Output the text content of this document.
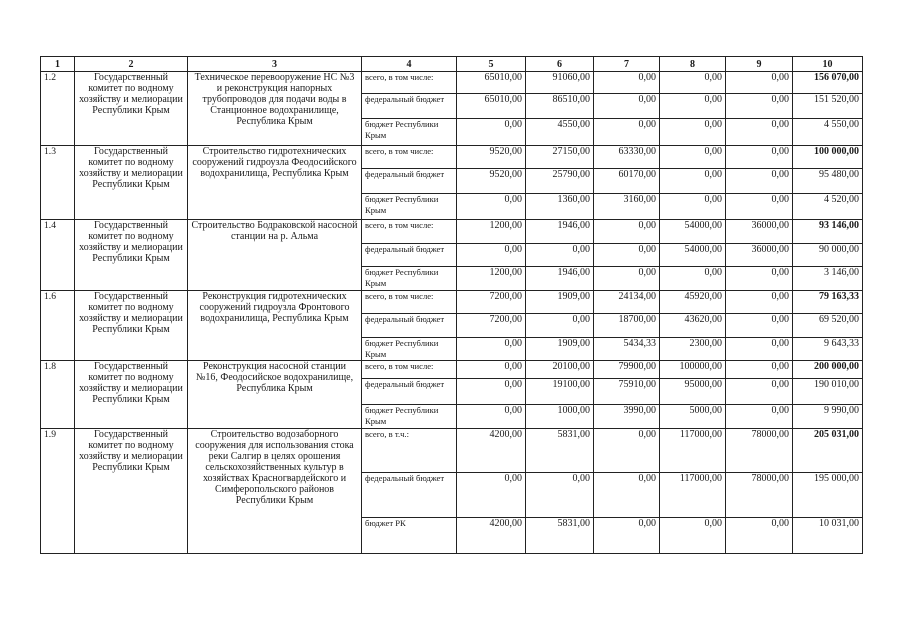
1	2	3	4	5	6	7	8	9	10
1.2	Государственный комитет по водному хозяйству и мелиорации Республики Крым	Техническое перевооружение НС №3 и реконструкция напорных трубопроводов для подачи воды в Станционное водохранилище, Республика Крым	всего, в том числе:	65010,00	91060,00	0,00	0,00	0,00	156 070,00
			федеральный бюджет	65010,00	86510,00	0,00	0,00	0,00	151 520,00
			бюджет Республики Крым	0,00	4550,00	0,00	0,00	0,00	4 550,00
1.3	Государственный комитет по водному хозяйству и мелиорации Республики Крым	Строительство гидротехнических сооружений гидроузла Феодосийского водохранилища, Республика Крым	всего, в том числе:	9520,00	27150,00	63330,00	0,00	0,00	100 000,00
			федеральный бюджет	9520,00	25790,00	60170,00	0,00	0,00	95 480,00
			бюджет Республики Крым	0,00	1360,00	3160,00	0,00	0,00	4 520,00
1.4	Государственный комитет по водному хозяйству и мелиорации Республики Крым	Строительство Бодраковской насосной станции на р. Альма	всего, в том числе:	1200,00	1946,00	0,00	54000,00	36000,00	93 146,00
			федеральный бюджет	0,00	0,00	0,00	54000,00	36000,00	90 000,00
			бюджет Республики Крым	1200,00	1946,00	0,00	0,00	0,00	3 146,00
1.6	Государственный комитет по водному хозяйству и мелиорации Республики Крым	Реконструкция гидротехнических сооружений гидроузла Фронтового водохранилища, Республика Крым	всего, в том числе:	7200,00	1909,00	24134,00	45920,00	0,00	79 163,33
			федеральный бюджет	7200,00	0,00	18700,00	43620,00	0,00	69 520,00
			бюджет Республики Крым	0,00	1909,00	5434,33	2300,00	0,00	9 643,33
1.8	Государственный комитет по водному хозяйству и мелиорации Республики Крым	Реконструкция насосной станции №16, Феодосийское водохранилище, Республика Крым	всего, в том числе:	0,00	20100,00	79900,00	100000,00	0,00	200 000,00
			федеральный бюджет	0,00	19100,00	75910,00	95000,00	0,00	190 010,00
			бюджет Республики Крым	0,00	1000,00	3990,00	5000,00	0,00	9 990,00
1.9	Государственный комитет по водному хозяйству и мелиорации Республики Крым	Строительство водозаборного сооружения для использования стока реки Салгир в целях орошения сельскохозяйственных культур в хозяйствах Красногвардейского и Симферопольского районов Республики Крым	всего, в т.ч.:	4200,00	5831,00	0,00	117000,00	78000,00	205 031,00
			федеральный бюджет	0,00	0,00	0,00	117000,00	78000,00	195 000,00
			бюджет РК	4200,00	5831,00	0,00	0,00	0,00	10 031,00
